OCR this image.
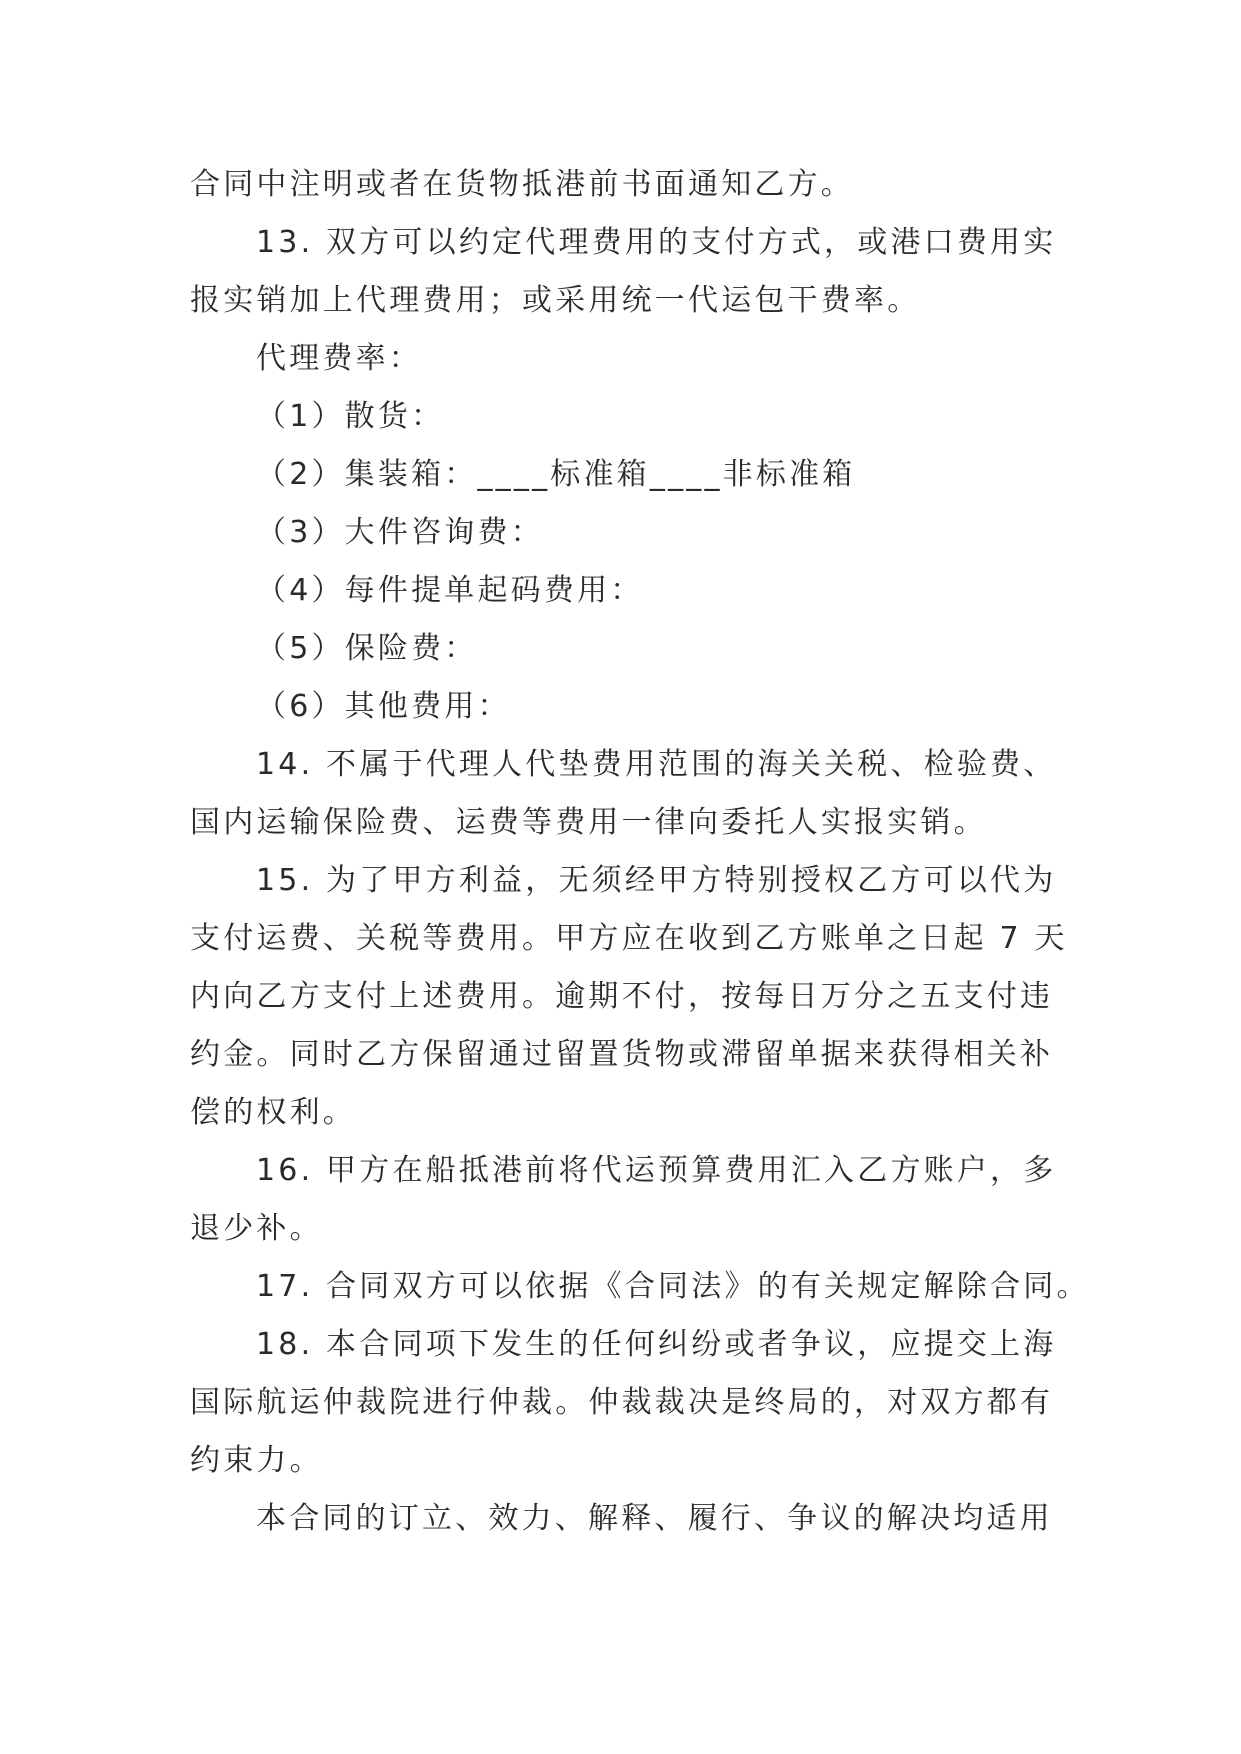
合同中注明或者在货物抵港前书面通知乙方。
13. 双方可以约定代理费用的支付方式，或港口费用实
报实销加上代理费用；或采用统一代运包干费率。
代理费率：
（1）散货：
（2）集装箱：____标准箱____非标准箱
（3）大件咨询费：
（4）每件提单起码费用：
（5）保险费：
（6）其他费用：
14. 不属于代理人代垫费用范围的海关关税、检验费、
国内运输保险费、运费等费用一律向委托人实报实销。
15. 为了甲方利益，无须经甲方特别授权乙方可以代为
支付运费、关税等费用。甲方应在收到乙方账单之日起 7 天
内向乙方支付上述费用。逾期不付，按每日万分之五支付违
约金。同时乙方保留通过留置货物或滞留单据来获得相关补
偿的权利。
16. 甲方在船抵港前将代运预算费用汇入乙方账户，多
退少补。
17. 合同双方可以依据《合同法》的有关规定解除合同。
18. 本合同项下发生的任何纠纷或者争议，应提交上海
国际航运仲裁院进行仲裁。仲裁裁决是终局的，对双方都有
约束力。
本合同的订立、效力、解释、履行、争议的解决均适用
